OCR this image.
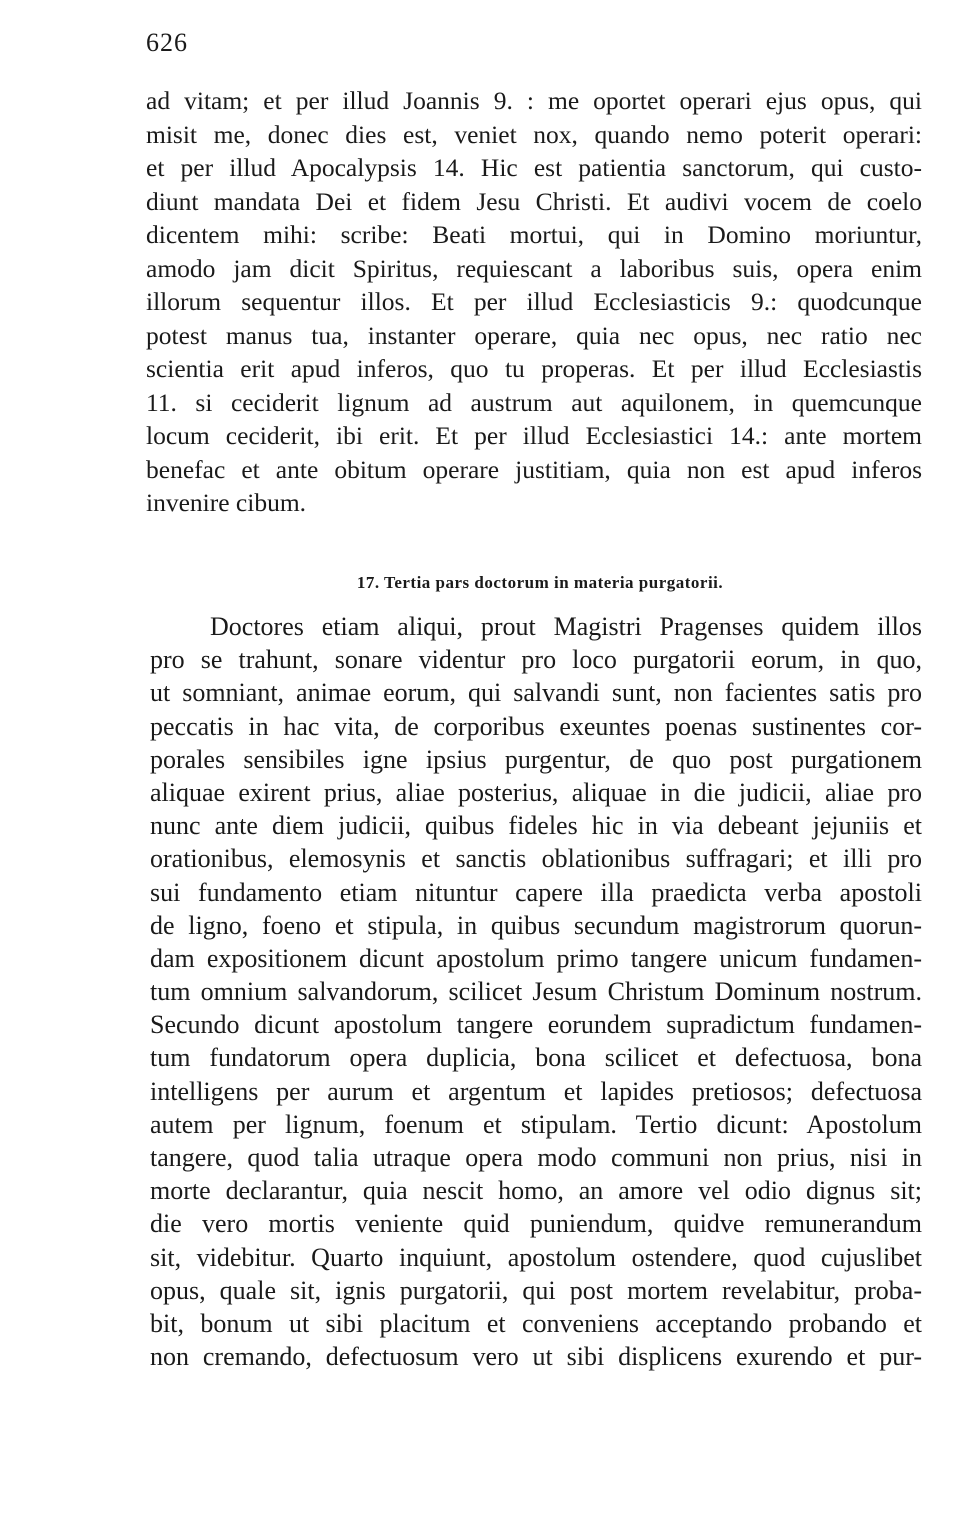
626
ad vitam; et per illud Joannis 9. : me oportet operari ejus opus, qui
misit me, donec dies est, veniet nox, quando nemo poterit operari:
et per illud Apocalypsis 14. Hic est patientia sanctorum, qui custo-
diunt mandata Dei et fidem Jesu Christi. Et audivi vocem de coelo
dicentem mihi: scribe: Beati mortui, qui in Domino moriuntur,
amodo jam dicit Spiritus, requiescant a laboribus suis, opera enim
illorum sequentur illos. Et per illud Ecclesiasticis 9.: quodcunque
potest manus tua, instanter operare, quia nec opus, nec ratio nec
scientia erit apud inferos, quo tu properas. Et per illud Ecclesiastis
11. si ceciderit lignum ad austrum aut aquilonem, in quemcunque
locum ceciderit, ibi erit. Et per illud Ecclesiastici 14.: ante mortem
benefac et ante obitum operare justitiam, quia non est apud inferos
invenire cibum.
17. Tertia pars doctorum in materia purgatorii.
Doctores etiam aliqui, prout Magistri Pragenses quidem illos
pro se trahunt, sonare videntur pro loco purgatorii eorum, in quo,
ut somniant, animae eorum, qui salvandi sunt, non facientes satis pro
peccatis in hac vita, de corporibus exeuntes poenas sustinentes cor-
porales sensibiles igne ipsius purgentur, de quo post purgationem
aliquae exirent prius, aliae posterius, aliquae in die judicii, aliae pro
nunc ante diem judicii, quibus fideles hic in via debeant jejuniis et
orationibus, elemosynis et sanctis oblationibus suffragari; et illi pro
sui fundamento etiam nituntur capere illa praedicta verba apostoli
de ligno, foeno et stipula, in quibus secundum magistrorum quorun-
dam expositionem dicunt apostolum primo tangere unicum fundamen-
tum omnium salvandorum, scilicet Jesum Christum Dominum nostrum.
Secundo dicunt apostolum tangere eorundem supradictum fundamen-
tum fundatorum opera duplicia, bona scilicet et defectuosa, bona
intelligens per aurum et argentum et lapides pretiosos; defectuosa
autem per lignum, foenum et stipulam. Tertio dicunt: Apostolum
tangere, quod talia utraque opera modo communi non prius, nisi in
morte declarantur, quia nescit homo, an amore vel odio dignus sit;
die vero mortis veniente quid puniendum, quidve remunerandum
sit, videbitur. Quarto inquiunt, apostolum ostendere, quod cujuslibet
opus, quale sit, ignis purgatorii, qui post mortem revelabitur, proba-
bit, bonum ut sibi placitum et conveniens acceptando probando et
non cremando, defectuosum vero ut sibi displicens exurendo et pur-
